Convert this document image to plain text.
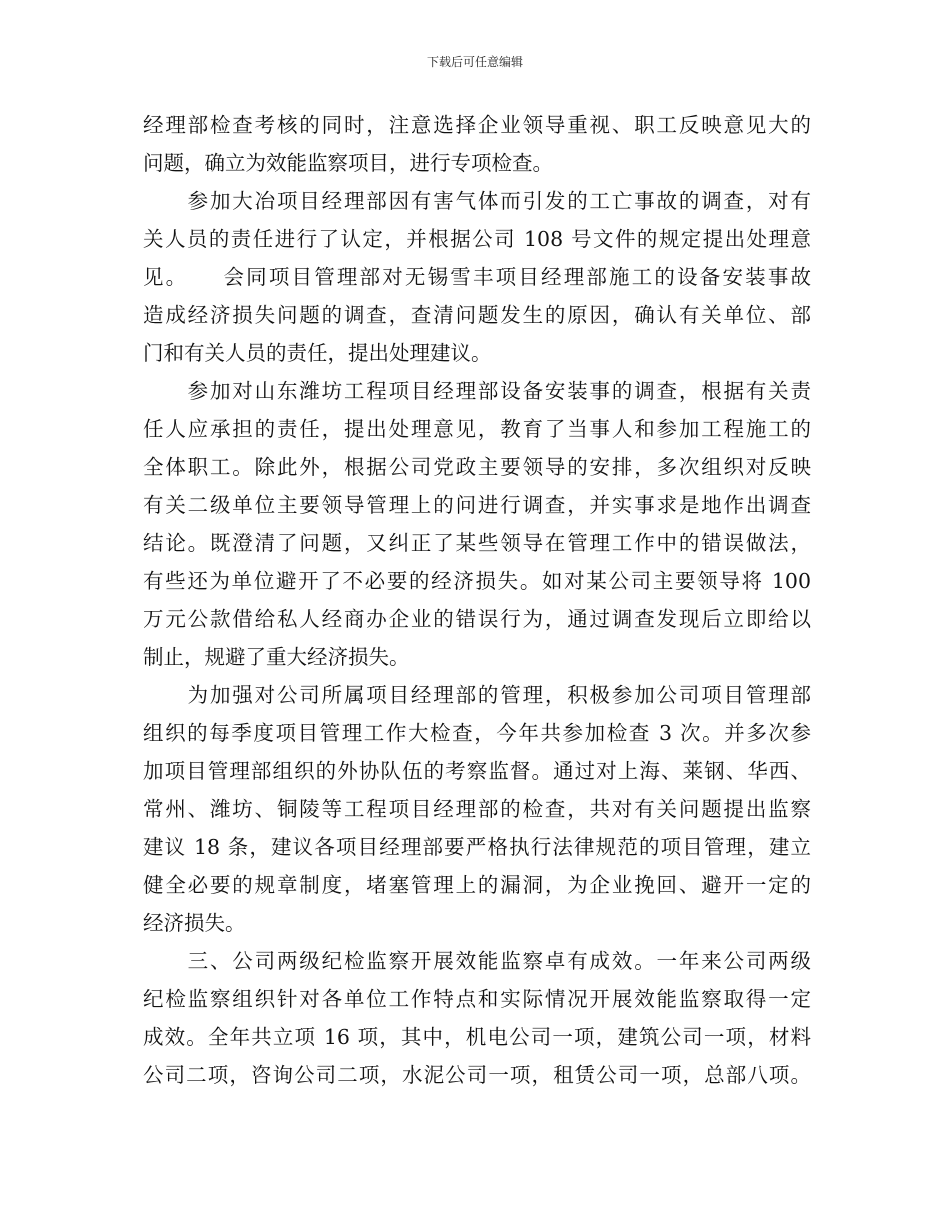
下载后可任意编辑
经理部检查考核的同时，注意选择企业领导重视、职工反映意见大的
问题，确立为效能监察项目，进行专项检查。
　　参加大冶项目经理部因有害气体而引发的工亡事故的调查，对有
关人员的责任进行了认定，并根据公司 108 号文件的规定提出处理意
见。　　会同项目管理部对无锡雪丰项目经理部施工的设备安装事故
造成经济损失问题的调查，查清问题发生的原因，确认有关单位、部
门和有关人员的责任，提出处理建议。
　　参加对山东潍坊工程项目经理部设备安装事的调查，根据有关责
任人应承担的责任，提出处理意见，教育了当事人和参加工程施工的
全体职工。除此外，根据公司党政主要领导的安排，多次组织对反映
有关二级单位主要领导管理上的问进行调查，并实事求是地作出调查
结论。既澄清了问题，又纠正了某些领导在管理工作中的错误做法，
有些还为单位避开了不必要的经济损失。如对某公司主要领导将 100
万元公款借给私人经商办企业的错误行为，通过调查发现后立即给以
制止，规避了重大经济损失。
　　为加强对公司所属项目经理部的管理，积极参加公司项目管理部
组织的每季度项目管理工作大检查，今年共参加检查 3 次。并多次参
加项目管理部组织的外协队伍的考察监督。通过对上海、莱钢、华西、
常州、潍坊、铜陵等工程项目经理部的检查，共对有关问题提出监察
建议 18 条，建议各项目经理部要严格执行法律规范的项目管理，建立
健全必要的规章制度，堵塞管理上的漏洞，为企业挽回、避开一定的
经济损失。
　　三、公司两级纪检监察开展效能监察卓有成效。一年来公司两级
纪检监察组织针对各单位工作特点和实际情况开展效能监察取得一定
成效。全年共立项 16 项，其中，机电公司一项，建筑公司一项，材料
公司二项，咨询公司二项，水泥公司一项，租赁公司一项，总部八项。
